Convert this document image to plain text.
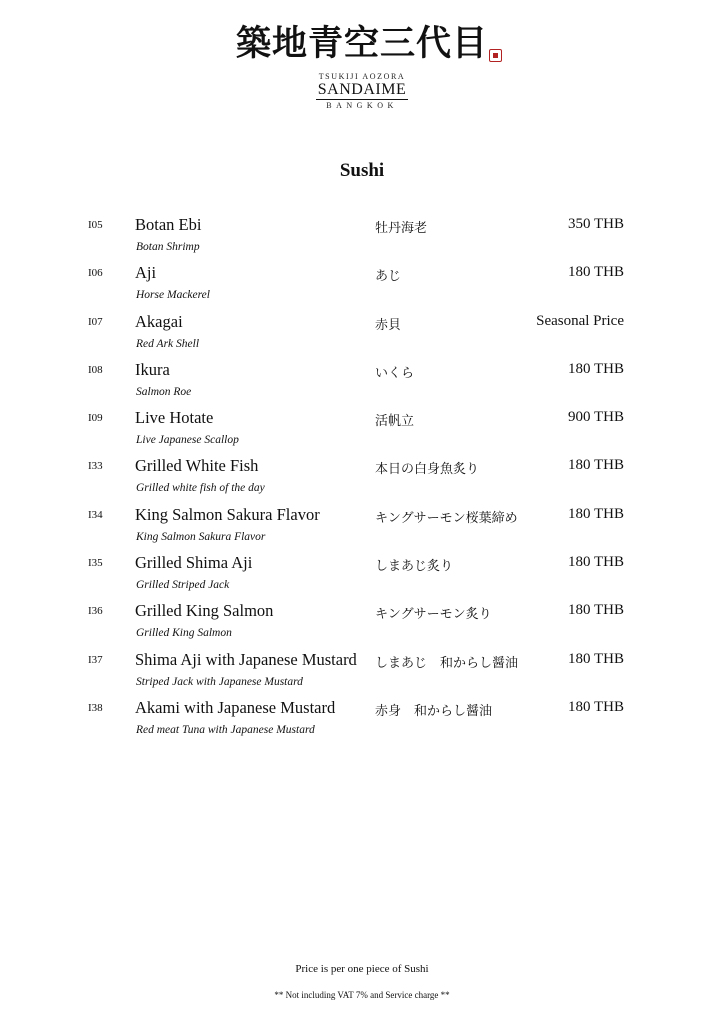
築地青空三代目
TSUKIJI AOZORA
SANDAIME
BANGKOK
Sushi
I05 Botan Ebi
Botan Shrimp
牡丹海老	350 THB
I06 Aji
Horse Mackerel
あじ	180 THB
I07 Akagai
Red Ark Shell
赤貝	Seasonal Price
I08 Ikura
Salmon Roe
いくら	180 THB
I09 Live Hotate
Live Japanese Scallop
活帆立	900 THB
I33 Grilled White Fish
Grilled white fish of the day
本日の白身魚炙り	180 THB
I34 King Salmon Sakura Flavor
King Salmon Sakura Flavor
キングサーモン桜葉締め	180 THB
I35 Grilled Shima Aji
Grilled Striped Jack
しまあじ炙り	180 THB
I36 Grilled King Salmon
Grilled King Salmon
キングサーモン炙り	180 THB
I37 Shima Aji with Japanese Mustard
Striped Jack with Japanese Mustard
しまあじ　和からし醤油	180 THB
I38 Akami with Japanese Mustard
Red meat Tuna with Japanese Mustard
赤身　和からし醤油	180 THB
Price is per one piece of Sushi
** Not including VAT 7% and Service charge **
